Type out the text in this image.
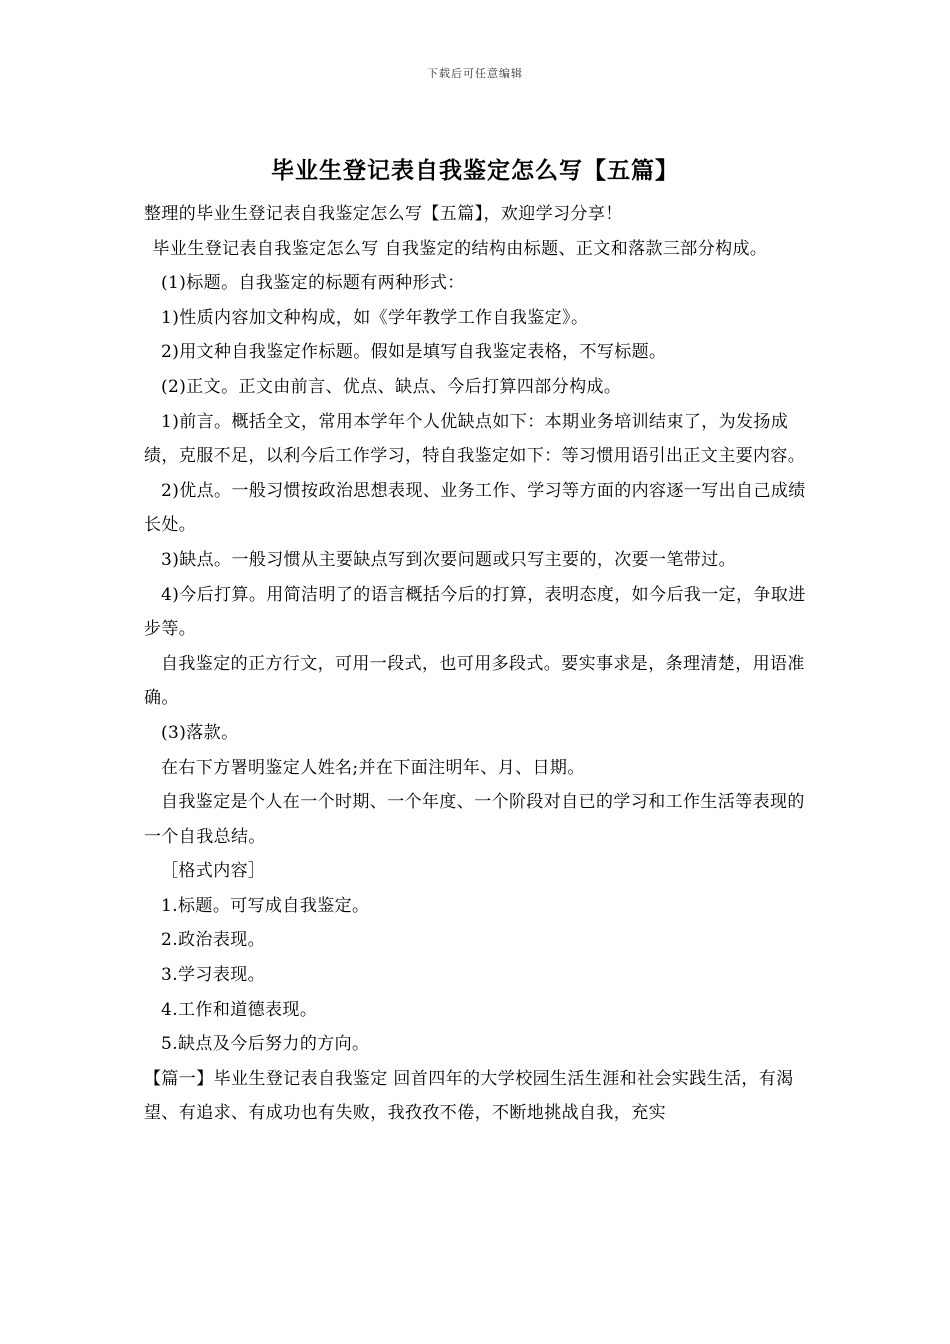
下载后可任意编辑
毕业生登记表自我鉴定怎么写【五篇】

整理的毕业生登记表自我鉴定怎么写【五篇】，欢迎学习分享！

毕业生登记表自我鉴定怎么写 自我鉴定的结构由标题、正文和落款三部分构成。

(1)标题。自我鉴定的标题有两种形式：

1)性质内容加文种构成，如《学年教学工作自我鉴定》。

2)用文种自我鉴定作标题。假如是填写自我鉴定表格，不写标题。

(2)正文。正文由前言、优点、缺点、今后打算四部分构成。

1)前言。概括全文，常用本学年个人优缺点如下：本期业务培训结束了，为发扬成绩，克服不足，以利今后工作学习，特自我鉴定如下：等习惯用语引出正文主要内容。

2)优点。一般习惯按政治思想表现、业务工作、学习等方面的内容逐一写出自己成绩长处。

3)缺点。一般习惯从主要缺点写到次要问题或只写主要的，次要一笔带过。

4)今后打算。用简洁明了的语言概括今后的打算，表明态度，如今后我一定，争取进步等。

自我鉴定的正方行文，可用一段式，也可用多段式。要实事求是，条理清楚，用语准确。

(3)落款。

在右下方署明鉴定人姓名;并在下面注明年、月、日期。

自我鉴定是个人在一个时期、一个年度、一个阶段对自已的学习和工作生活等表现的一个自我总结。

［格式内容］

1.标题。可写成自我鉴定。

2.政治表现。

3.学习表现。

4.工作和道德表现。

5.缺点及今后努力的方向。

【篇一】毕业生登记表自我鉴定 回首四年的大学校园生活生涯和社会实践生活，有渴望、有追求、有成功也有失败，我孜孜不倦，不断地挑战自我，充实
